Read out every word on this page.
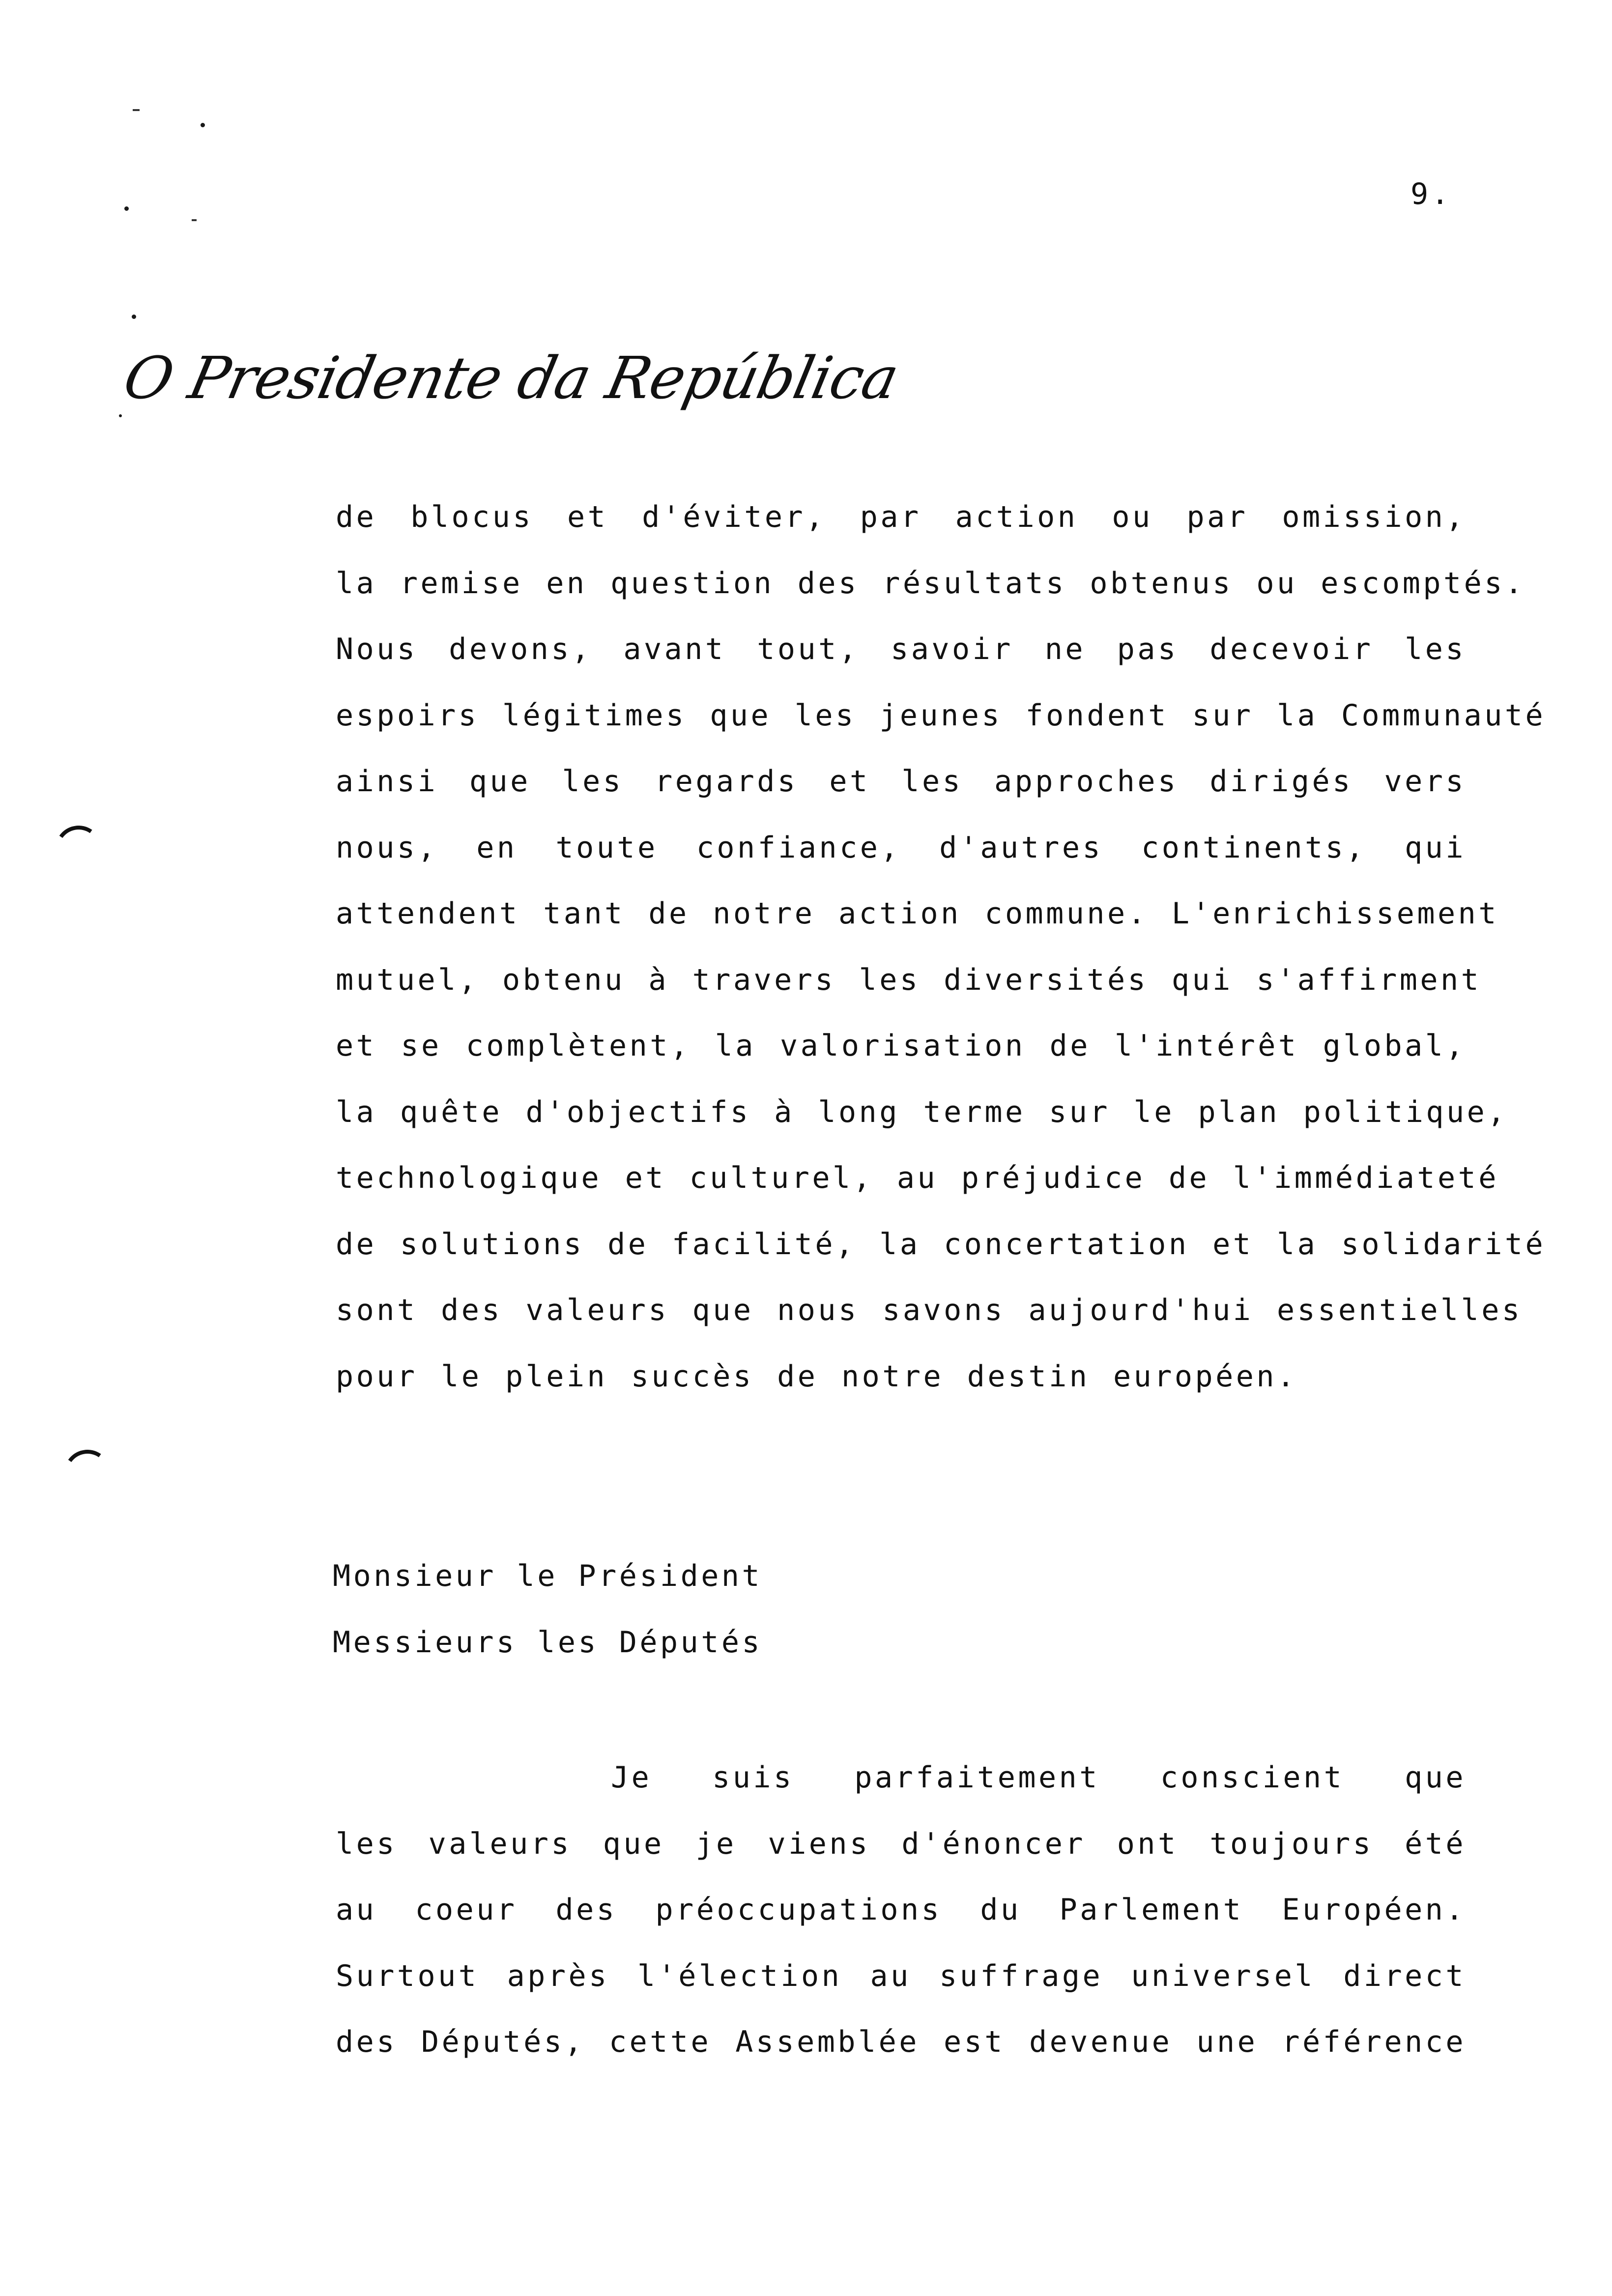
9.
O Presidente da República
de blocus et d'éviter, par action ou par omission,
la remise en question des résultats obtenus ou escomptés.
Nous devons, avant tout, savoir ne pas decevoir les
espoirs légitimes que les jeunes fondent sur la Communauté
ainsi que les regards et les approches dirigés vers
nous, en toute confiance, d'autres continents, qui
attendent tant de notre action commune. L'enrichissement
mutuel, obtenu à travers les diversités qui s'affirment
et se complètent, la valorisation de l'intérêt global,
la quête d'objectifs à long terme sur le plan politique,
technologique et culturel, au préjudice de l'immédiateté
de solutions de facilité, la concertation et la solidarité
sont des valeurs que nous savons aujourd'hui essentielles
pour le plein succès de notre destin européen.
Monsieur le Président
Messieurs les Députés
Je suis parfaitement conscient que
les valeurs que je viens d'énoncer ont toujours été
au coeur des préoccupations du Parlement Européen.
Surtout après l'élection au suffrage universel direct
des Députés, cette Assemblée est devenue une référence
